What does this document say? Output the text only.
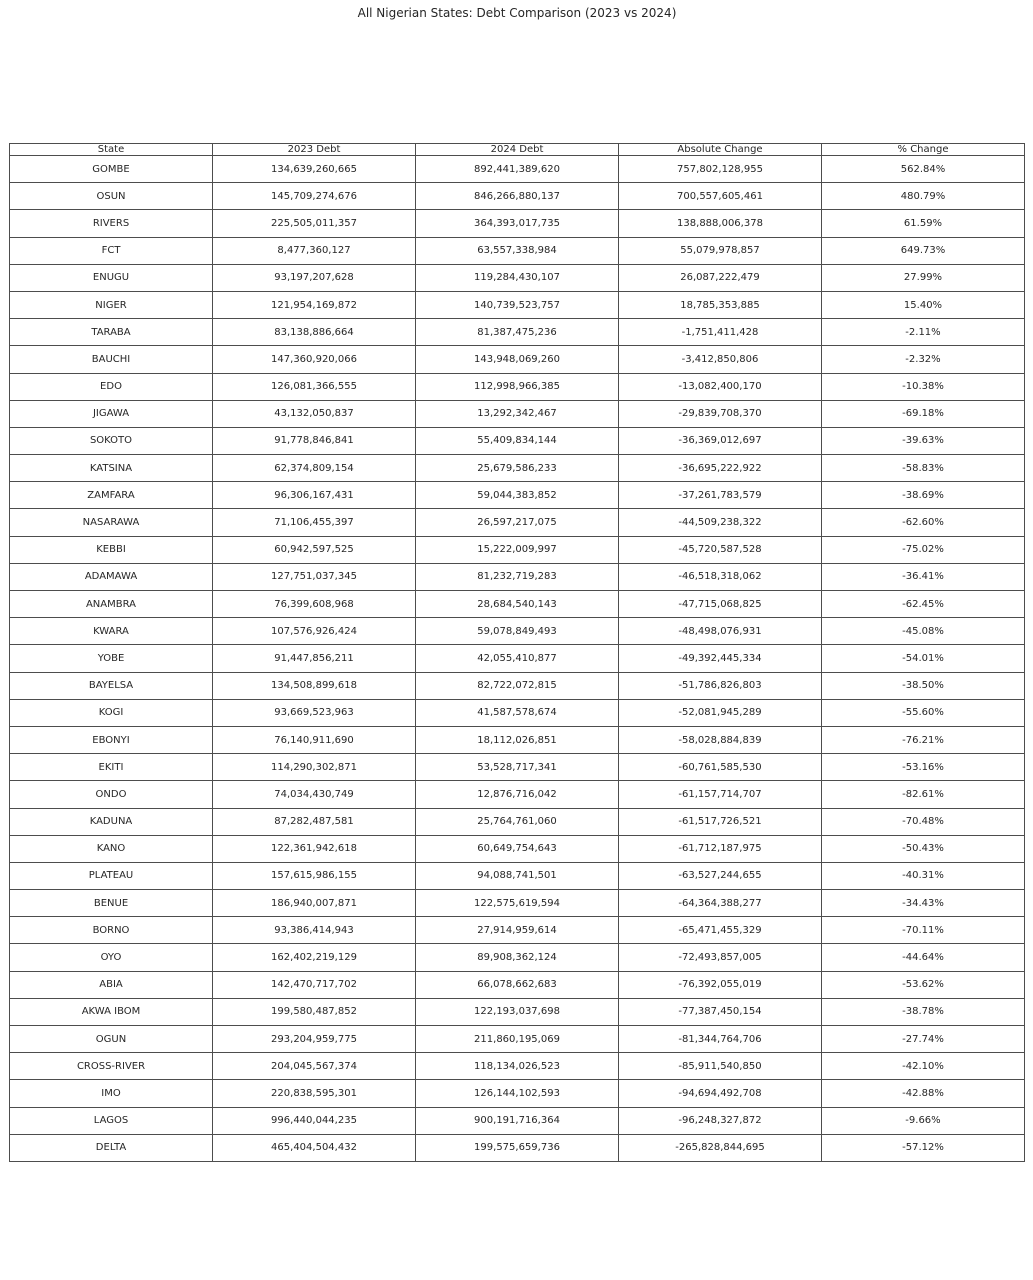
All Nigerian States: Debt Comparison (2023 vs 2024)
State	2023 Debt	2024 Debt	Absolute Change	% Change
GOMBE	134,639,260,665	892,441,389,620	757,802,128,955	562.84%
OSUN	145,709,274,676	846,266,880,137	700,557,605,461	480.79%
RIVERS	225,505,011,357	364,393,017,735	138,888,006,378	61.59%
FCT	8,477,360,127	63,557,338,984	55,079,978,857	649.73%
ENUGU	93,197,207,628	119,284,430,107	26,087,222,479	27.99%
NIGER	121,954,169,872	140,739,523,757	18,785,353,885	15.40%
TARABA	83,138,886,664	81,387,475,236	-1,751,411,428	-2.11%
BAUCHI	147,360,920,066	143,948,069,260	-3,412,850,806	-2.32%
EDO	126,081,366,555	112,998,966,385	-13,082,400,170	-10.38%
JIGAWA	43,132,050,837	13,292,342,467	-29,839,708,370	-69.18%
SOKOTO	91,778,846,841	55,409,834,144	-36,369,012,697	-39.63%
KATSINA	62,374,809,154	25,679,586,233	-36,695,222,922	-58.83%
ZAMFARA	96,306,167,431	59,044,383,852	-37,261,783,579	-38.69%
NASARAWA	71,106,455,397	26,597,217,075	-44,509,238,322	-62.60%
KEBBI	60,942,597,525	15,222,009,997	-45,720,587,528	-75.02%
ADAMAWA	127,751,037,345	81,232,719,283	-46,518,318,062	-36.41%
ANAMBRA	76,399,608,968	28,684,540,143	-47,715,068,825	-62.45%
KWARA	107,576,926,424	59,078,849,493	-48,498,076,931	-45.08%
YOBE	91,447,856,211	42,055,410,877	-49,392,445,334	-54.01%
BAYELSA	134,508,899,618	82,722,072,815	-51,786,826,803	-38.50%
KOGI	93,669,523,963	41,587,578,674	-52,081,945,289	-55.60%
EBONYI	76,140,911,690	18,112,026,851	-58,028,884,839	-76.21%
EKITI	114,290,302,871	53,528,717,341	-60,761,585,530	-53.16%
ONDO	74,034,430,749	12,876,716,042	-61,157,714,707	-82.61%
KADUNA	87,282,487,581	25,764,761,060	-61,517,726,521	-70.48%
KANO	122,361,942,618	60,649,754,643	-61,712,187,975	-50.43%
PLATEAU	157,615,986,155	94,088,741,501	-63,527,244,655	-40.31%
BENUE	186,940,007,871	122,575,619,594	-64,364,388,277	-34.43%
BORNO	93,386,414,943	27,914,959,614	-65,471,455,329	-70.11%
OYO	162,402,219,129	89,908,362,124	-72,493,857,005	-44.64%
ABIA	142,470,717,702	66,078,662,683	-76,392,055,019	-53.62%
AKWA IBOM	199,580,487,852	122,193,037,698	-77,387,450,154	-38.78%
OGUN	293,204,959,775	211,860,195,069	-81,344,764,706	-27.74%
CROSS-RIVER	204,045,567,374	118,134,026,523	-85,911,540,850	-42.10%
IMO	220,838,595,301	126,144,102,593	-94,694,492,708	-42.88%
LAGOS	996,440,044,235	900,191,716,364	-96,248,327,872	-9.66%
DELTA	465,404,504,432	199,575,659,736	-265,828,844,695	-57.12%
